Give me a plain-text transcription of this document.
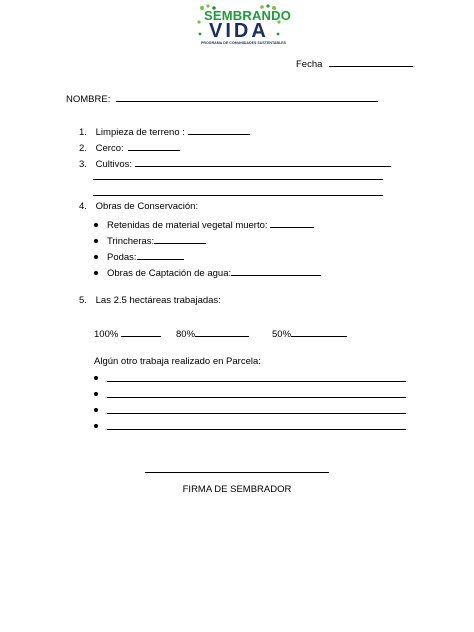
SEMBRANDO
VIDA
PROGRAMA DE COMUNIDADES SUSTENTABLES
Fecha
NOMBRE:
1. Limpieza de terreno :
2. Cerco:
3. Cultivos:
4. Obras de Conservación:
Retenidas de material vegetal muerto:
Trincheras:
Podas:
Obras de Captación de agua:
5. Las 2.5 hectáreas trabajadas:
100%	80%	50%
Algún otro trabaja realizado en Parcela:
FIRMA DE SEMBRADOR
